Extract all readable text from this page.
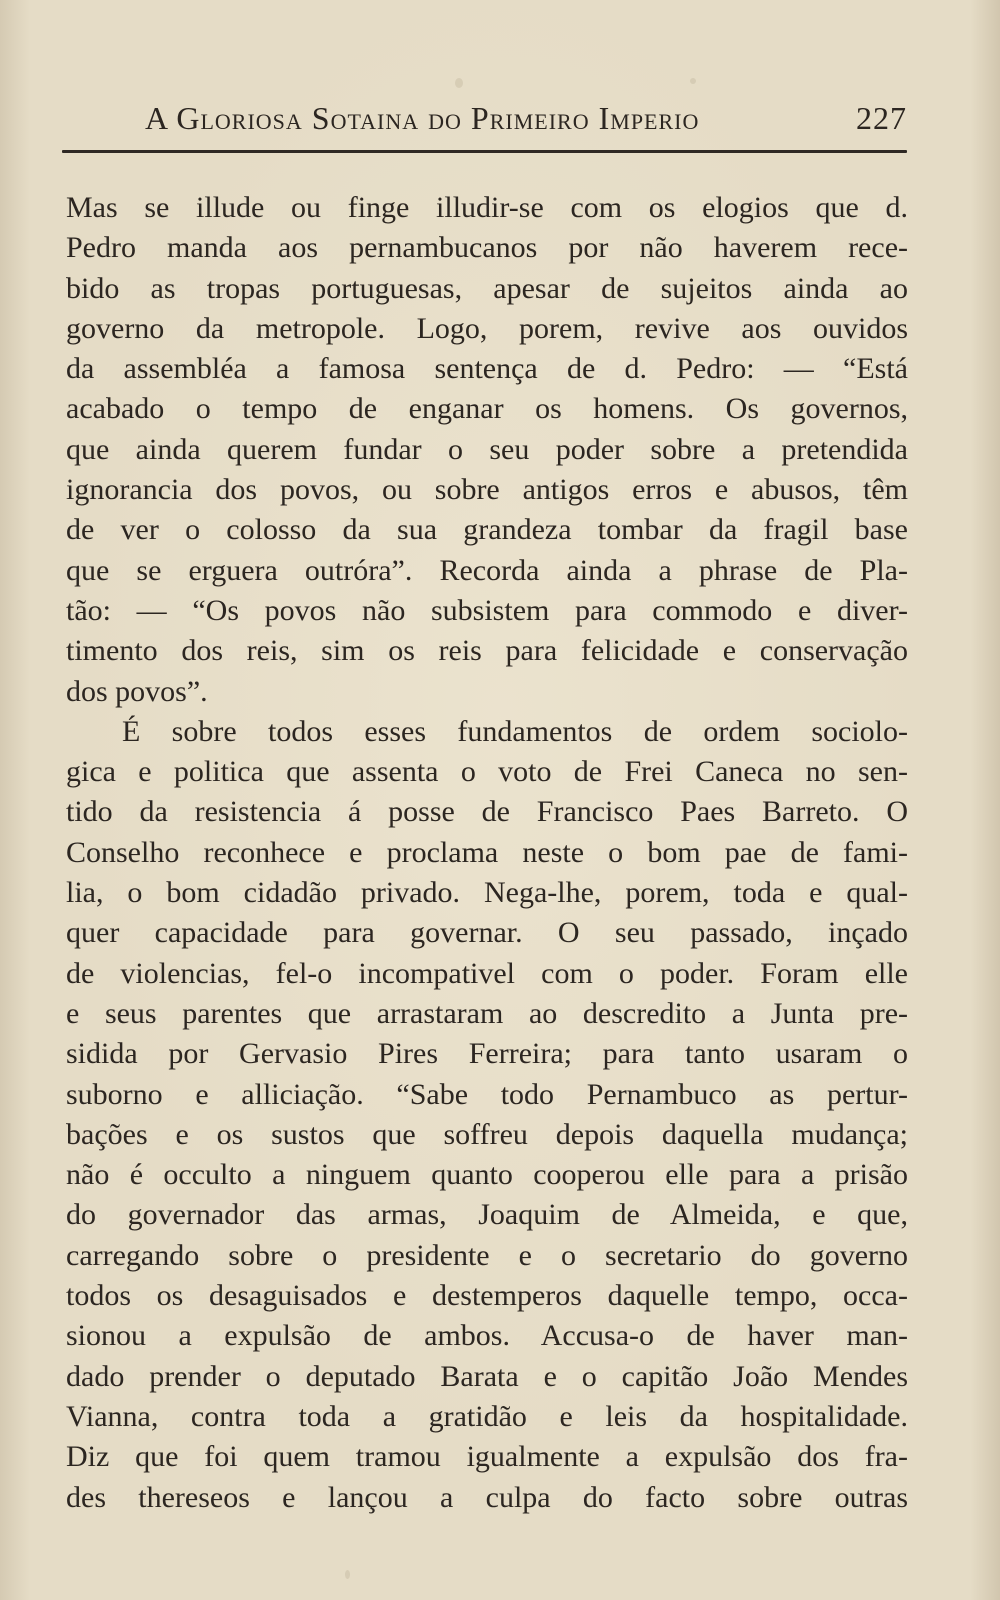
A Gloriosa Sotaina do Primeiro Imperio	227
Mas se illude ou finge illudir-se com os elogios que d.
Pedro manda aos pernambucanos por não haverem rece-
bido as tropas portuguesas, apesar de sujeitos ainda ao
governo da metropole. Logo, porem, revive aos ouvidos
da assembléa a famosa sentença de d. Pedro: — “Está
acabado o tempo de enganar os homens. Os governos,
que ainda querem fundar o seu poder sobre a pretendida
ignorancia dos povos, ou sobre antigos erros e abusos, têm
de ver o colosso da sua grandeza tombar da fragil base
que se erguera outróra”. Recorda ainda a phrase de Pla-
tão: — “Os povos não subsistem para commodo e diver-
timento dos reis, sim os reis para felicidade e conservação
dos povos”.
É sobre todos esses fundamentos de ordem sociolo-
gica e politica que assenta o voto de Frei Caneca no sen-
tido da resistencia á posse de Francisco Paes Barreto. O
Conselho reconhece e proclama neste o bom pae de fami-
lia, o bom cidadão privado. Nega-lhe, porem, toda e qual-
quer capacidade para governar. O seu passado, inçado
de violencias, fel-o incompativel com o poder. Foram elle
e seus parentes que arrastaram ao descredito a Junta pre-
sidida por Gervasio Pires Ferreira; para tanto usaram o
suborno e alliciação. “Sabe todo Pernambuco as pertur-
bações e os sustos que soffreu depois daquella mudança;
não é occulto a ninguem quanto cooperou elle para a prisão
do governador das armas, Joaquim de Almeida, e que,
carregando sobre o presidente e o secretario do governo
todos os desaguisados e destemperos daquelle tempo, occa-
sionou a expulsão de ambos. Accusa-o de haver man-
dado prender o deputado Barata e o capitão João Mendes
Vianna, contra toda a gratidão e leis da hospitalidade.
Diz que foi quem tramou igualmente a expulsão dos fra-
des thereseos e lançou a culpa do facto sobre outras
